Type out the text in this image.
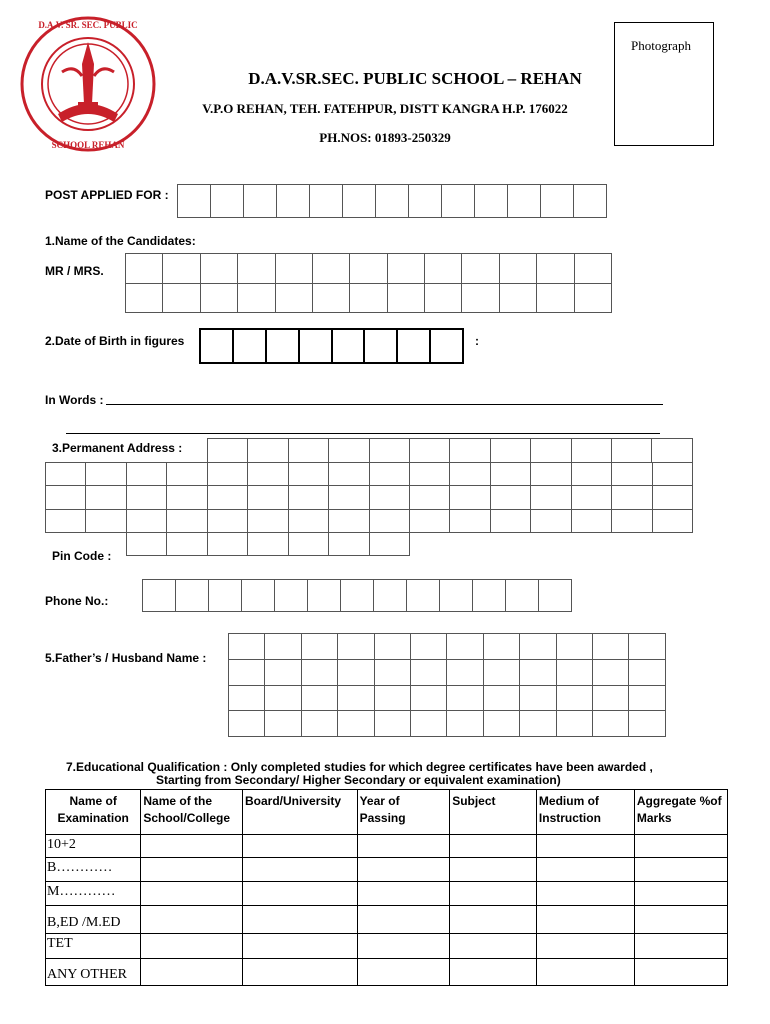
D.A.V. SR. SEC. PUBLIC
SCHOOL REHAN
Photograph
D.A.V.SR.SEC. PUBLIC SCHOOL – REHAN
V.P.O REHAN, TEH. FATEHPUR, DISTT KANGRA H.P. 176022
PH.NOS: 01893-250329
POST APPLIED FOR :

1.Name of the Candidates:
MR / MRS.

2.Date of Birth in figures
								:
In Words :
3.Permanent Address :

Pin Code :

Phone No.:

5.Father’s / Husband Name :

7.Educational Qualification : Only completed studies for which degree certificates have been awarded ,
Starting from Secondary/ Higher Secondary or equivalent examination)
Name of Examination	Name of the School/College	Board/University	Year of Passing	Subject	Medium of Instruction	Aggregate %of Marks
10+2						
B…………						
M…………						
B,ED /M.ED						
TET						
ANY OTHER						
